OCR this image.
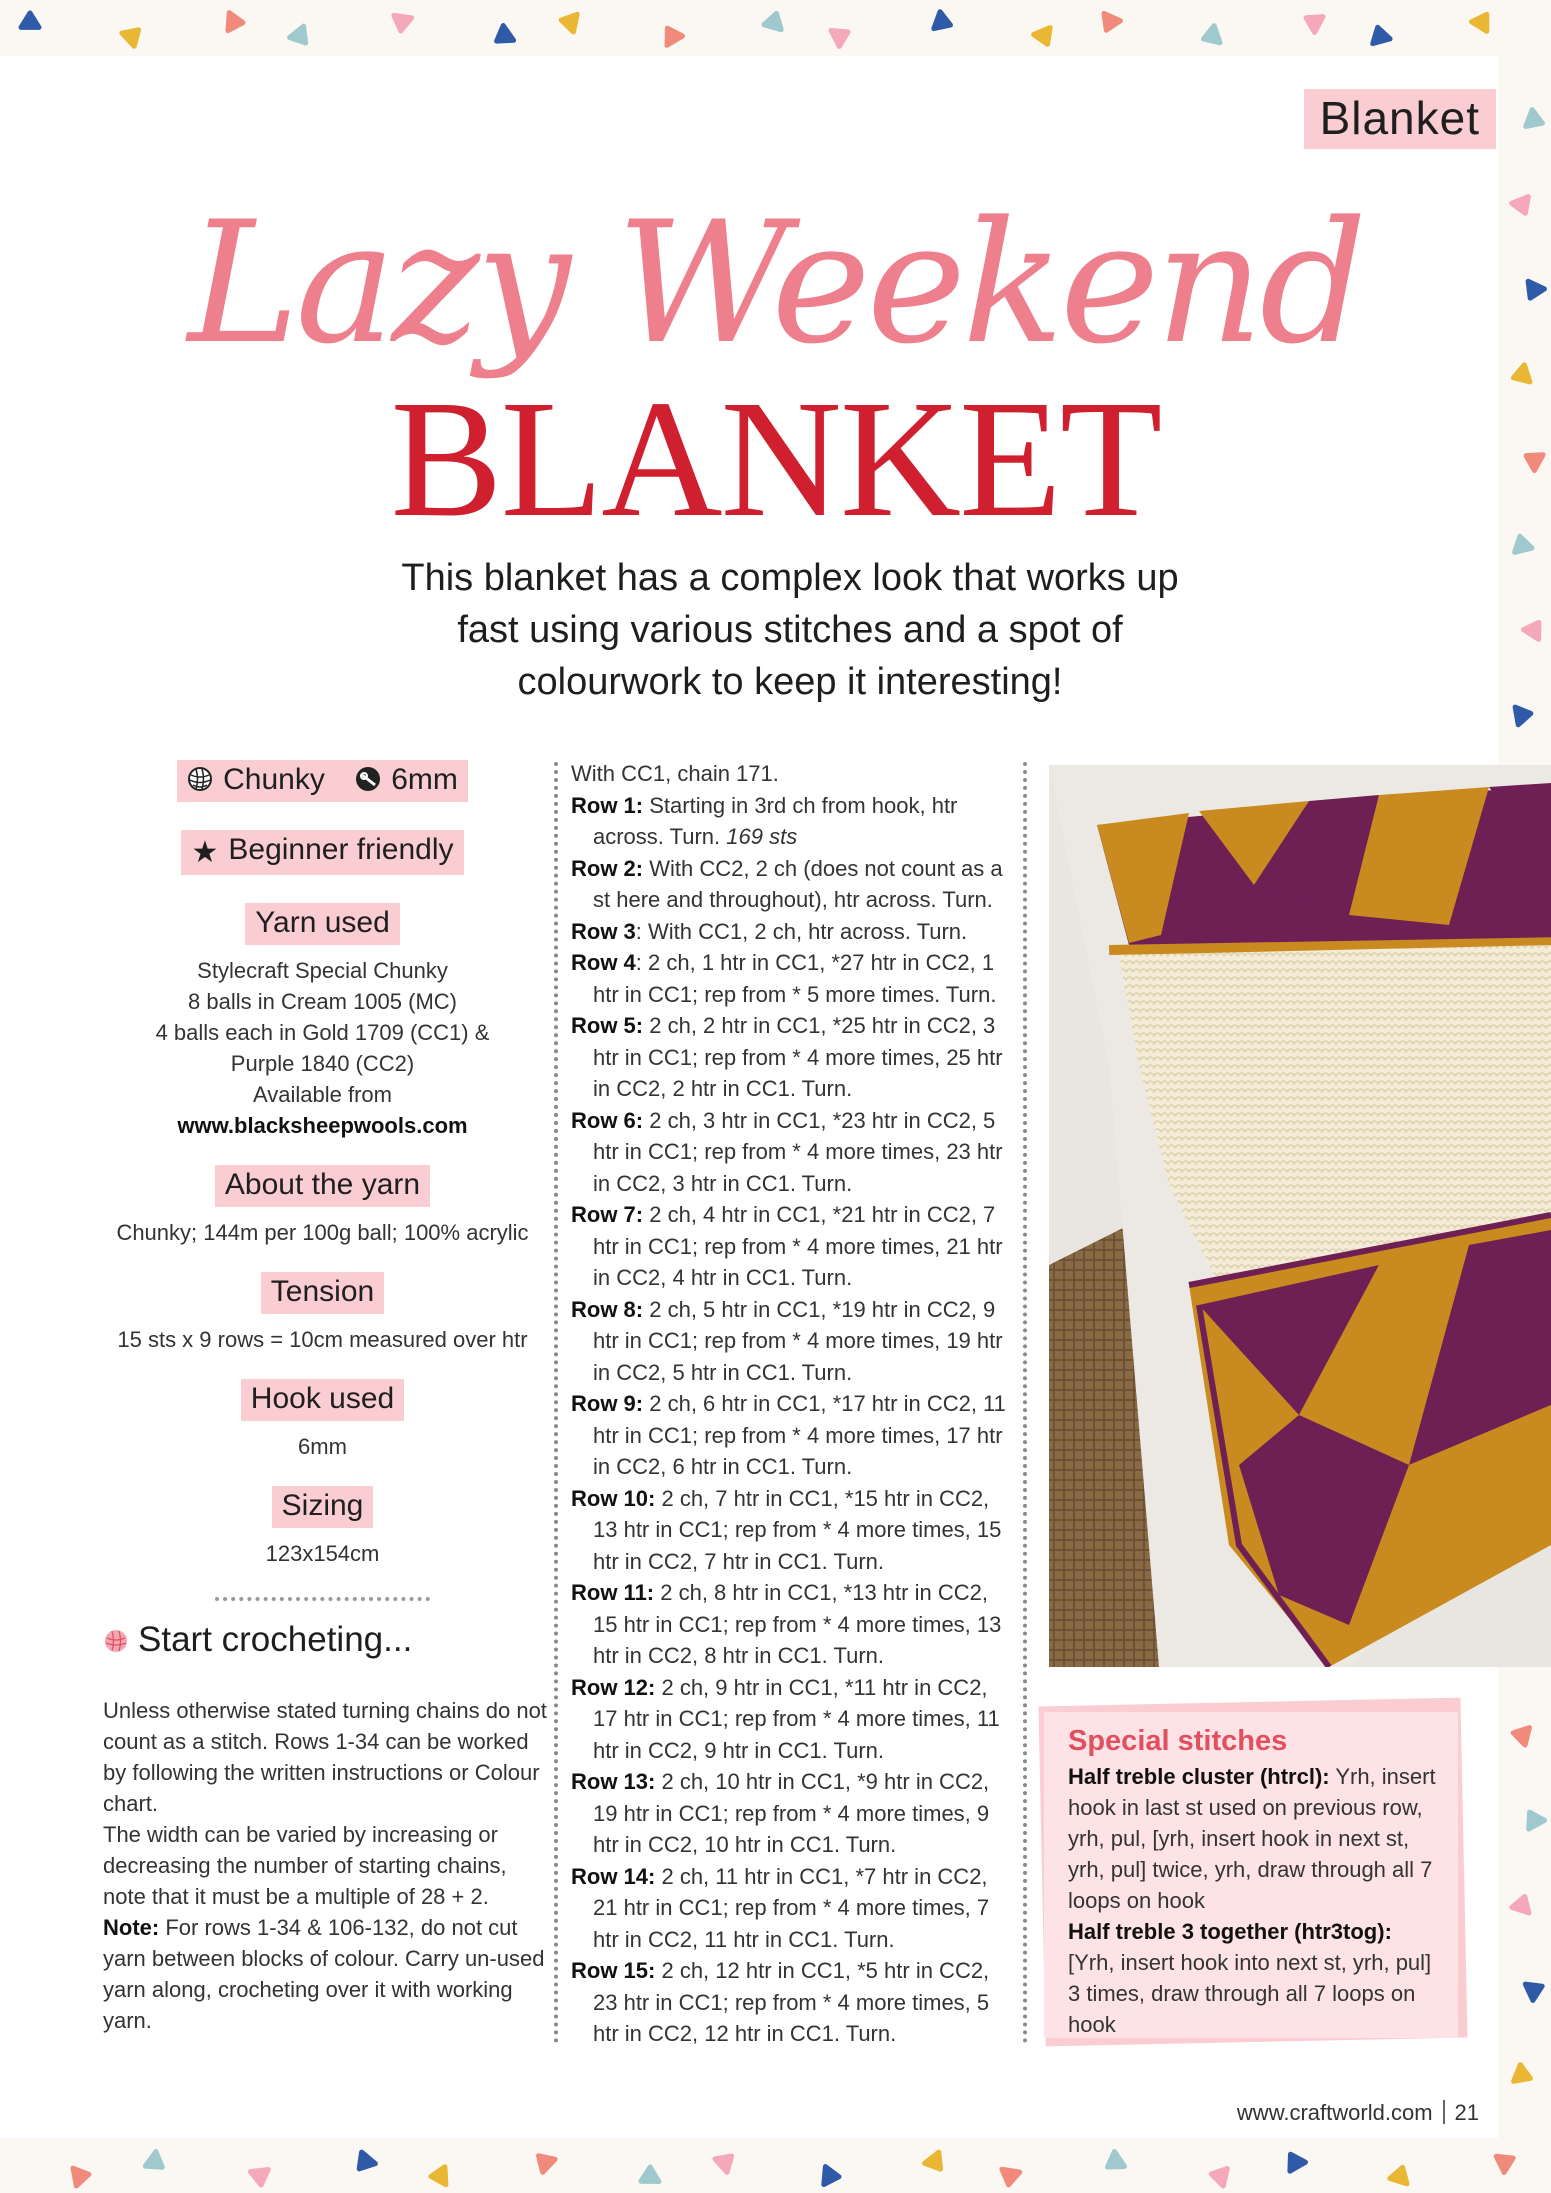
Blanket
Lazy Weekend
BLANKET
This blanket has a complex look that works up fast using various stitches and a spot of colourwork to keep it interesting!
Chunky 6mm
★ Beginner friendly
Yarn used
Stylecraft Special Chunky
8 balls in Cream 1005 (MC)
4 balls each in Gold 1709 (CC1) &
Purple 1840 (CC2)
Available from
www.blacksheepwools.com
About the yarn
Chunky; 144m per 100g ball; 100% acrylic
Tension
15 sts x 9 rows = 10cm measured over htr
Hook used
6mm
Sizing
123x154cm
Start crocheting...
Unless otherwise stated turning chains do not count as a stitch. Rows 1-34 can be worked by following the written instructions or Colour chart.
The width can be varied by increasing or decreasing the number of starting chains, note that it must be a multiple of 28 + 2.
Note: For rows 1-34 & 106-132, do not cut yarn between blocks of colour. Carry un-used yarn along, crocheting over it with working yarn.

With CC1, chain 171.

Row 1: Starting in 3rd ch from hook, htr across. Turn. 169 sts

Row 2: With CC2, 2 ch (does not count as a st here and throughout), htr across. Turn.

Row 3: With CC1, 2 ch, htr across. Turn.

Row 4: 2 ch, 1 htr in CC1, *27 htr in CC2, 1 htr in CC1; rep from * 5 more times. Turn.

Row 5: 2 ch, 2 htr in CC1, *25 htr in CC2, 3 htr in CC1; rep from * 4 more times, 25 htr in CC2, 2 htr in CC1. Turn.

Row 6: 2 ch, 3 htr in CC1, *23 htr in CC2, 5 htr in CC1; rep from * 4 more times, 23 htr in CC2, 3 htr in CC1. Turn.

Row 7: 2 ch, 4 htr in CC1, *21 htr in CC2, 7 htr in CC1; rep from * 4 more times, 21 htr in CC2, 4 htr in CC1. Turn.

Row 8: 2 ch, 5 htr in CC1, *19 htr in CC2, 9 htr in CC1; rep from * 4 more times, 19 htr in CC2, 5 htr in CC1. Turn.

Row 9: 2 ch, 6 htr in CC1, *17 htr in CC2, 11 htr in CC1; rep from * 4 more times, 17 htr in CC2, 6 htr in CC1. Turn.

Row 10: 2 ch, 7 htr in CC1, *15 htr in CC2, 13 htr in CC1; rep from * 4 more times, 15 htr in CC2, 7 htr in CC1. Turn.

Row 11: 2 ch, 8 htr in CC1, *13 htr in CC2, 15 htr in CC1; rep from * 4 more times, 13 htr in CC2, 8 htr in CC1. Turn.

Row 12: 2 ch, 9 htr in CC1, *11 htr in CC2, 17 htr in CC1; rep from * 4 more times, 11 htr in CC2, 9 htr in CC1. Turn.

Row 13: 2 ch, 10 htr in CC1, *9 htr in CC2, 19 htr in CC1; rep from * 4 more times, 9 htr in CC2, 10 htr in CC1. Turn.

Row 14: 2 ch, 11 htr in CC1, *7 htr in CC2, 21 htr in CC1; rep from * 4 more times, 7 htr in CC2, 11 htr in CC1. Turn.

Row 15: 2 ch, 12 htr in CC1, *5 htr in CC2, 23 htr in CC1; rep from * 4 more times, 5 htr in CC2, 12 htr in CC1. Turn.

Special stitches

Half treble cluster (htrcl): Yrh, insert hook in last st used on previous row, yrh, pul, [yrh, insert hook in next st, yrh, pul] twice, yrh, draw through all 7 loops on hook

Half treble 3 together (htr3tog): [Yrh, insert hook into next st, yrh, pul] 3 times, draw through all 7 loops on hook

www.craftworld.com 21
